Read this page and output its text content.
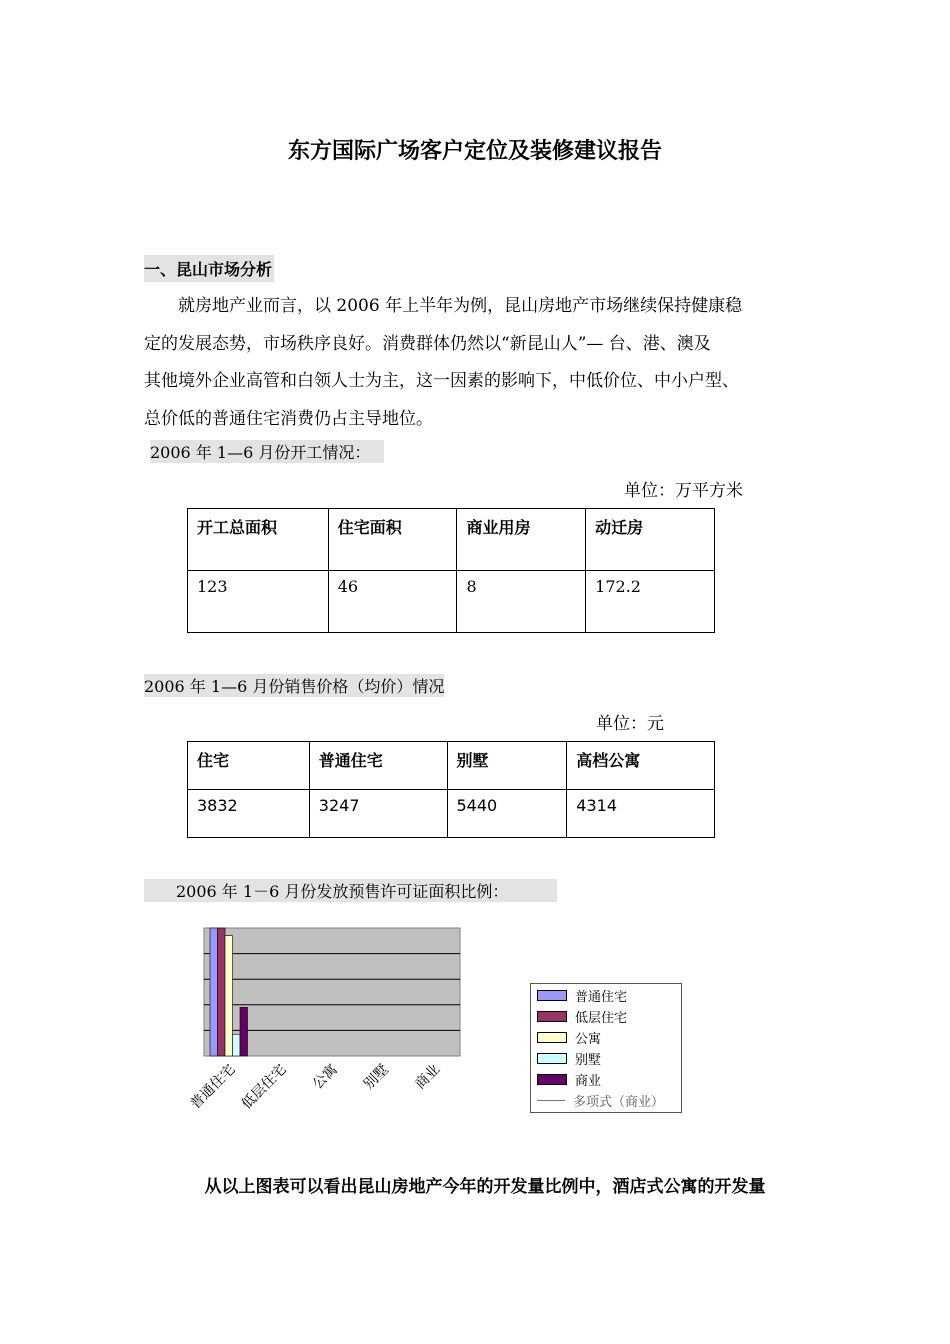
东方国际广场客户定位及装修建议报告
一、昆山市场分析

　　就房地产业而言，以 2006 年上半年为例，昆山房地产市场继续保持健康稳

定的发展态势，市场秩序良好。消费群体仍然以“新昆山人”— 台、港、澳及

其他境外企业高管和白领人士为主，这一因素的影响下，中低价位、中小户型、

总价低的普通住宅消费仍占主导地位。

2006 年 1—6 月份开工情况：
单位：万平方米
开工总面积	住宅面积	商业用房	动迁房
123	46	8	172.2
2006 年 1—6 月份销售价格（均价）情况
单位：元
住宅	普通住宅	别墅	高档公寓
3832	3247	5440	4314
　　2006 年 1－6 月份发放预售许可证面积比例：
普通住宅 低层住宅 公寓 别墅 商业
普通住宅
低层住宅
公寓
别墅
商业
多项式（商业）
从以上图表可以看出昆山房地产今年的开发量比例中，酒店式公寓的开发量
